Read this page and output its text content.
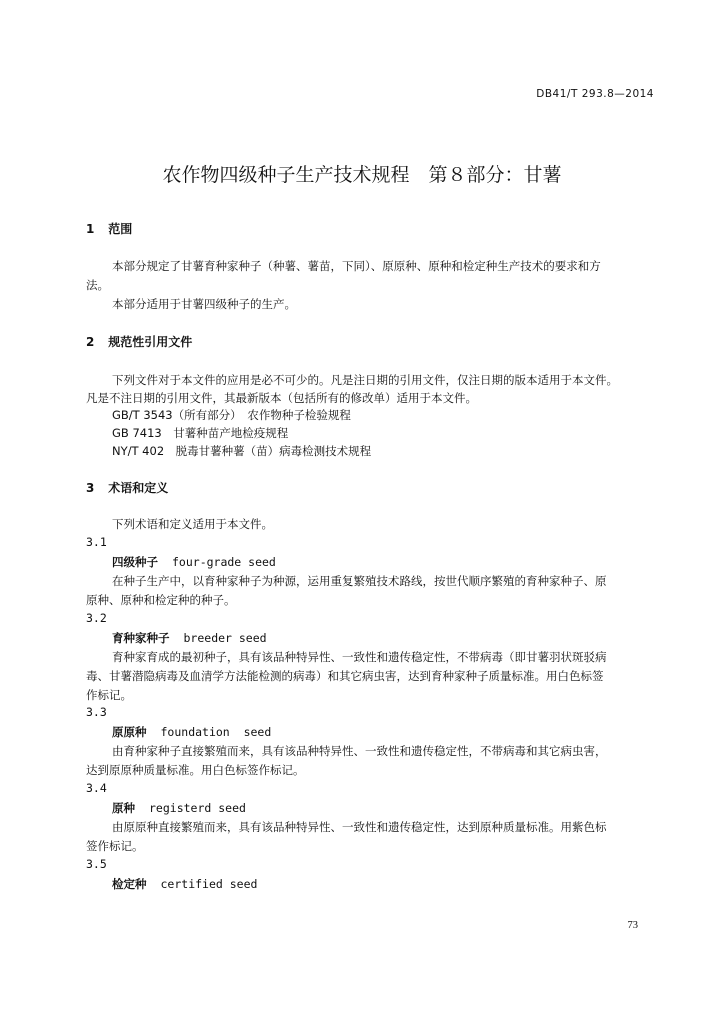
DB41/T 293.8—2014
农作物四级种子生产技术规程　第８部分：甘薯
1 范围

本部分规定了甘薯育种家种子（种薯、薯苗，下同）、原原种、原种和检定种生产技术的要求和方

法。

本部分适用于甘薯四级种子的生产。

2 规范性引用文件

下列文件对于本文件的应用是必不可少的。凡是注日期的引用文件，仅注日期的版本适用于本文件。

凡是不注日期的引用文件，其最新版本（包括所有的修改单）适用于本文件。

GB/T 3543（所有部分）　农作物种子检验规程

GB 7413　甘薯种苗产地检疫规程

NY/T 402　脱毒甘薯种薯（苗）病毒检测技术规程

3 术语和定义

下列术语和定义适用于本文件。

3.1
四级种子 four-grade seed

在种子生产中，以育种家种子为种源，运用重复繁殖技术路线，按世代顺序繁殖的育种家种子、原

原种、原种和检定种的种子。

3.2
育种家种子 breeder seed

育种家育成的最初种子，具有该品种特异性、一致性和遗传稳定性，不带病毒（即甘薯羽状斑驳病

毒、甘薯潜隐病毒及血清学方法能检测的病毒）和其它病虫害，达到育种家种子质量标准。用白色标签

作标记。

3.3
原原种 foundation  seed

由育种家种子直接繁殖而来，具有该品种特异性、一致性和遗传稳定性，不带病毒和其它病虫害，

达到原原种质量标准。用白色标签作标记。

3.4
原种 registerd seed

由原原种直接繁殖而来，具有该品种特异性、一致性和遗传稳定性，达到原种质量标准。用紫色标

签作标记。

3.5
检定种 certified seed
73
